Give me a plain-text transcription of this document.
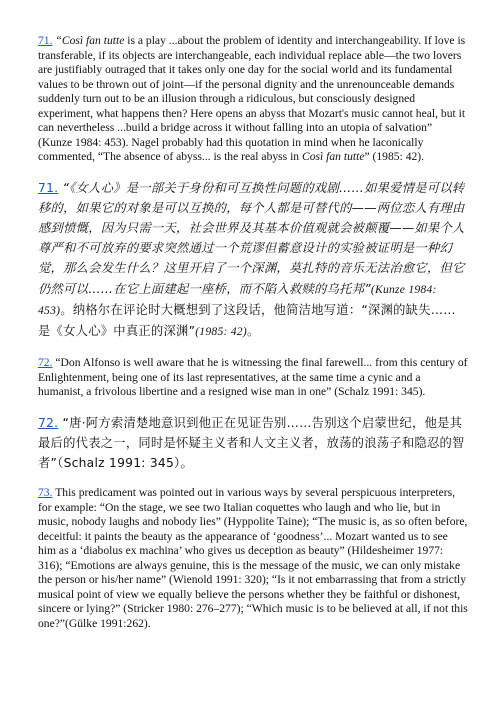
71. “Così fan tutte is a play ...about the problem of identity and interchangeability. If love is transferable, if its objects are interchangeable, each individual replace able—the two lovers are justifiably outraged that it takes only one day for the social world and its fundamental values to be thrown out of joint—if the personal dignity and the unrenounceable demands suddenly turn out to be an illusion through a ridiculous, but consciously designed experiment, what happens then? Here opens an abyss that Mozart's music cannot heal, but it can nevertheless ...build a bridge across it without falling into an utopia of salvation” (Kunze 1984: 453). Nagel probably had this quotation in mind when he laconically commented, “The absence of abyss... is the real abyss in Così fan tutte” (1985: 42).

71. “《女人心》是一部关于身份和可互换性问题的戏剧……如果爱情是可以转移的，如果它的对象是可以互换的，每个人都是可替代的——两位恋人有理由感到愤慨，因为只需一天，社会世界及其基本价值观就会被颠覆——如果个人尊严和不可放弃的要求突然通过一个荒谬但蓄意设计的实验被证明是一种幻觉，那么会发生什么？这里开启了一个深渊，莫扎特的音乐无法治愈它，但它仍然可以……在它上面建起一座桥，而不陷入救赎的乌托邦”(Kunze 1984: 453)。纳格尔在评论时大概想到了这段话，他简洁地写道：“深渊的缺失……是《女人心》中真正的深渊”(1985: 42)。

72. “Don Alfonso is well aware that he is witnessing the final farewell... from this century of Enlightenment, being one of its last representatives, at the same time a cynic and a humanist, a frivolous libertine and a resigned wise man in one” (Schalz 1991: 345).

72. “唐·阿方索清楚地意识到他正在见证告别……告别这个启蒙世纪，他是其最后的代表之一，同时是怀疑主义者和人文主义者，放荡的浪荡子和隐忍的智者”（Schalz 1991: 345）。

73. This predicament was pointed out in various ways by several perspicuous interpreters, for example: “On the stage, we see two Italian coquettes who laugh and who lie, but in music, nobody laughs and nobody lies” (Hyppolite Taine); “The music is, as so often before, deceitful: it paints the beauty as the appearance of ‘goodness’... Mozart wanted us to see him as a ‘diabolus ex machina’ who gives us deception as beauty” (Hildesheimer 1977: 316); “Emotions are always genuine, this is the message of the music, we can only mistake the person or his/her name” (Wienold 1991: 320); “Is it not embarrassing that from a strictly musical point of view we equally believe the persons whether they be faithful or dishonest, sincere or lying?” (Stricker 1980: 276–277); “Which music is to be believed at all, if not this one?”(Gülke 1991:262).
